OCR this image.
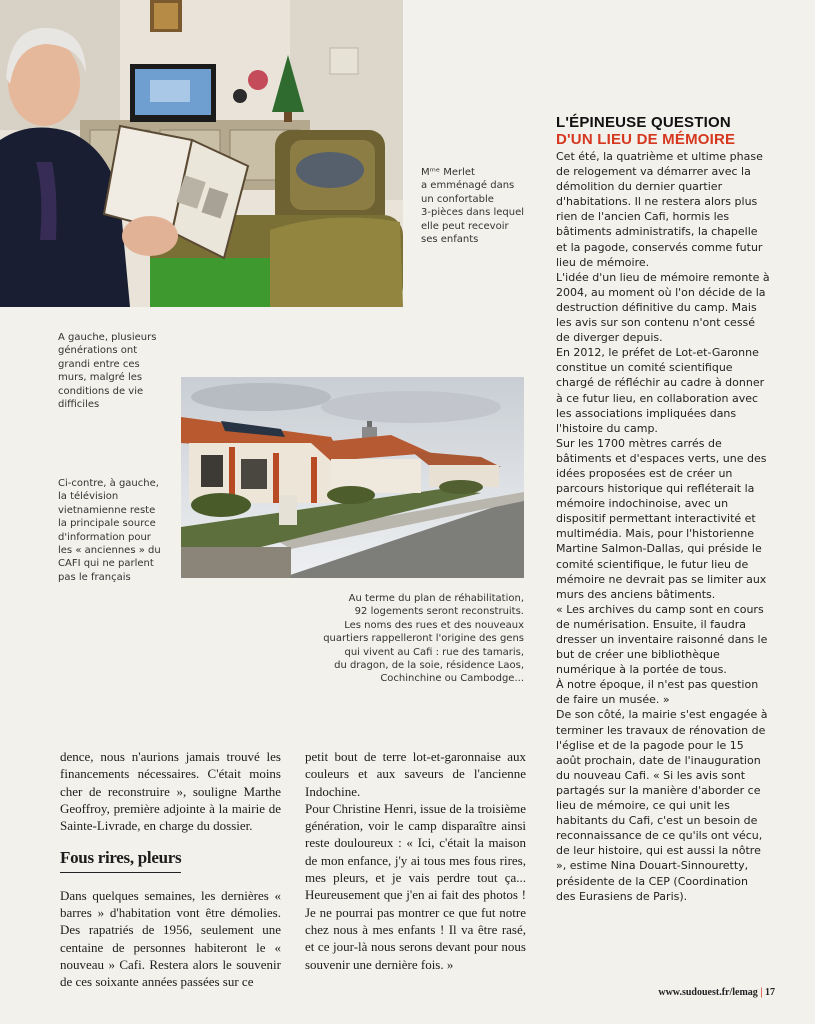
Mᵐᵉ Merlet
a emménagé dans
un confortable
3-pièces dans lequel
elle peut recevoir
ses enfants
A gauche, plusieurs
générations ont
grandi entre ces
murs, malgré les
conditions de vie
difficiles
Ci-contre, à gauche,
la télévision
vietnamienne reste
la principale source
d'information pour
les « anciennes » du
CAFI qui ne parlent
pas le français
Au terme du plan de réhabilitation,
92 logements seront reconstruits.
Les noms des rues et des nouveaux
quartiers rappelleront l'origine des gens
qui vivent au Cafi : rue des tamaris,
du dragon, de la soie, résidence Laos,
Cochinchine ou Cambodge...
L'ÉPINEUSE QUESTION
D'UN LIEU DE MÉMOIRE

Cet été, la quatrième et ultime phase de relogement va démarrer avec la démolition du dernier quartier d'habitations. Il ne restera alors plus rien de l'ancien Cafi, hormis les bâtiments administratifs, la chapelle et la pagode, conservés comme futur lieu de mémoire.

L'idée d'un lieu de mémoire remonte à 2004, au moment où l'on décide de la destruction définitive du camp. Mais les avis sur son contenu n'ont cessé de diverger depuis.

En 2012, le préfet de Lot-et-Garonne constitue un comité scientifique chargé de réfléchir au cadre à donner à ce futur lieu, en collaboration avec les associations impliquées dans l'histoire du camp.

Sur les 1700 mètres carrés de bâtiments et d'espaces verts, une des idées proposées est de créer un parcours historique qui refléterait la mémoire indochinoise, avec un dispositif permettant interactivité et multimédia. Mais, pour l'historienne Martine Salmon-Dallas, qui préside le comité scientifique, le futur lieu de mémoire ne devrait pas se limiter aux murs des anciens bâtiments.

« Les archives du camp sont en cours de numérisation. Ensuite, il faudra dresser un inventaire raisonné dans le but de créer une bibliothèque numérique à la portée de tous.

À notre époque, il n'est pas question de faire un musée. »

De son côté, la mairie s'est engagée à terminer les travaux de rénovation de l'église et de la pagode pour le 15 août prochain, date de l'inauguration du nouveau Cafi. « Si les avis sont partagés sur la manière d'aborder ce lieu de mémoire, ce qui unit les habitants du Cafi, c'est un besoin de reconnaissance de ce qu'ils ont vécu, de leur histoire, qui est aussi la nôtre », estime Nina Douart-Sinnouretty, présidente de la CEP (Coordination des Eurasiens de Paris).

dence, nous n'aurions jamais trouvé les financements nécessaires. C'était moins cher de reconstruire », souligne Marthe Geoffroy, première adjointe à la mairie de Sainte-Livrade, en charge du dossier.

Fous rires, pleurs

Dans quelques semaines, les dernières « barres » d'habitation vont être démolies. Des rapatriés de 1956, seulement une centaine de personnes habiteront le « nouveau » Cafi. Restera alors le souvenir de ces soixante années passées sur ce

petit bout de terre lot-et-garonnaise aux couleurs et aux saveurs de l'ancienne Indochine.

Pour Christine Henri, issue de la troisième génération, voir le camp disparaître ainsi reste douloureux : « Ici, c'était la maison de mon enfance, j'y ai tous mes fous rires, mes pleurs, et je vais perdre tout ça... Heureusement que j'en ai fait des photos ! Je ne pourrai pas montrer ce que fut notre chez nous à mes enfants ! Il va être rasé, et ce jour-là nous serons devant pour nous souvenir une dernière fois. »

www.sudouest.fr/lemag | 17
